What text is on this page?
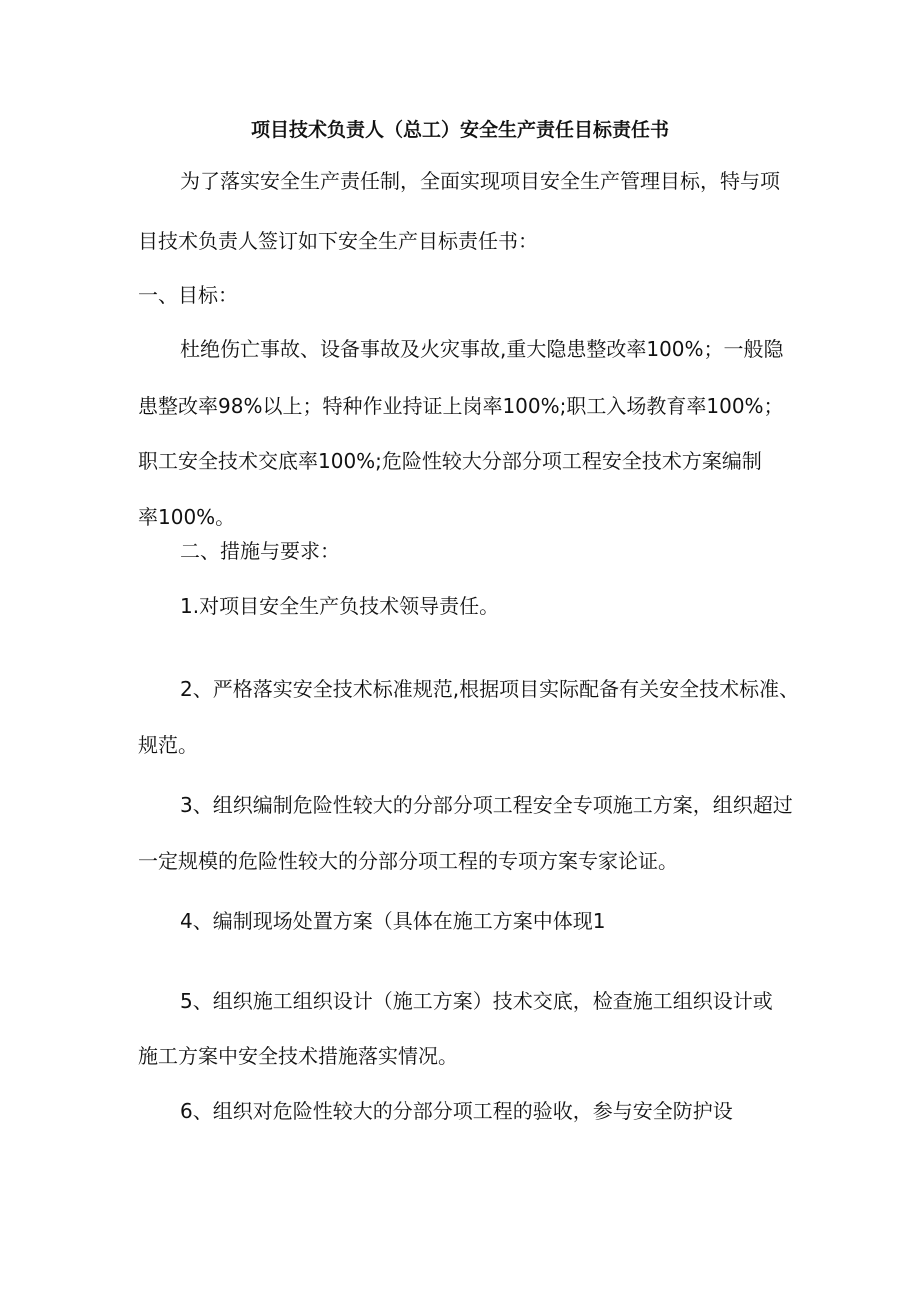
项目技术负责人（总工）安全生产责任目标责任书
为了落实安全生产责任制，全面实现项目安全生产管理目标，特与项
目技术负责人签订如下安全生产目标责任书：
一、目标：
杜绝伤亡事故、设备事故及火灾事故,重大隐患整改率100%；一般隐
患整改率98%以上；特种作业持证上岗率100%;职工入场教育率100%；
职工安全技术交底率100%;危险性较大分部分项工程安全技术方案编制
率100%。
二、措施与要求：
1.对项目安全生产负技术领导责任。
2、严格落实安全技术标准规范,根据项目实际配备有关安全技术标准、
规范。
3、组织编制危险性较大的分部分项工程安全专项施工方案，组织超过
一定规模的危险性较大的分部分项工程的专项方案专家论证。
4、编制现场处置方案（具体在施工方案中体现1
5、组织施工组织设计（施工方案）技术交底，检查施工组织设计或
施工方案中安全技术措施落实情况。
6、组织对危险性较大的分部分项工程的验收，参与安全防护设
